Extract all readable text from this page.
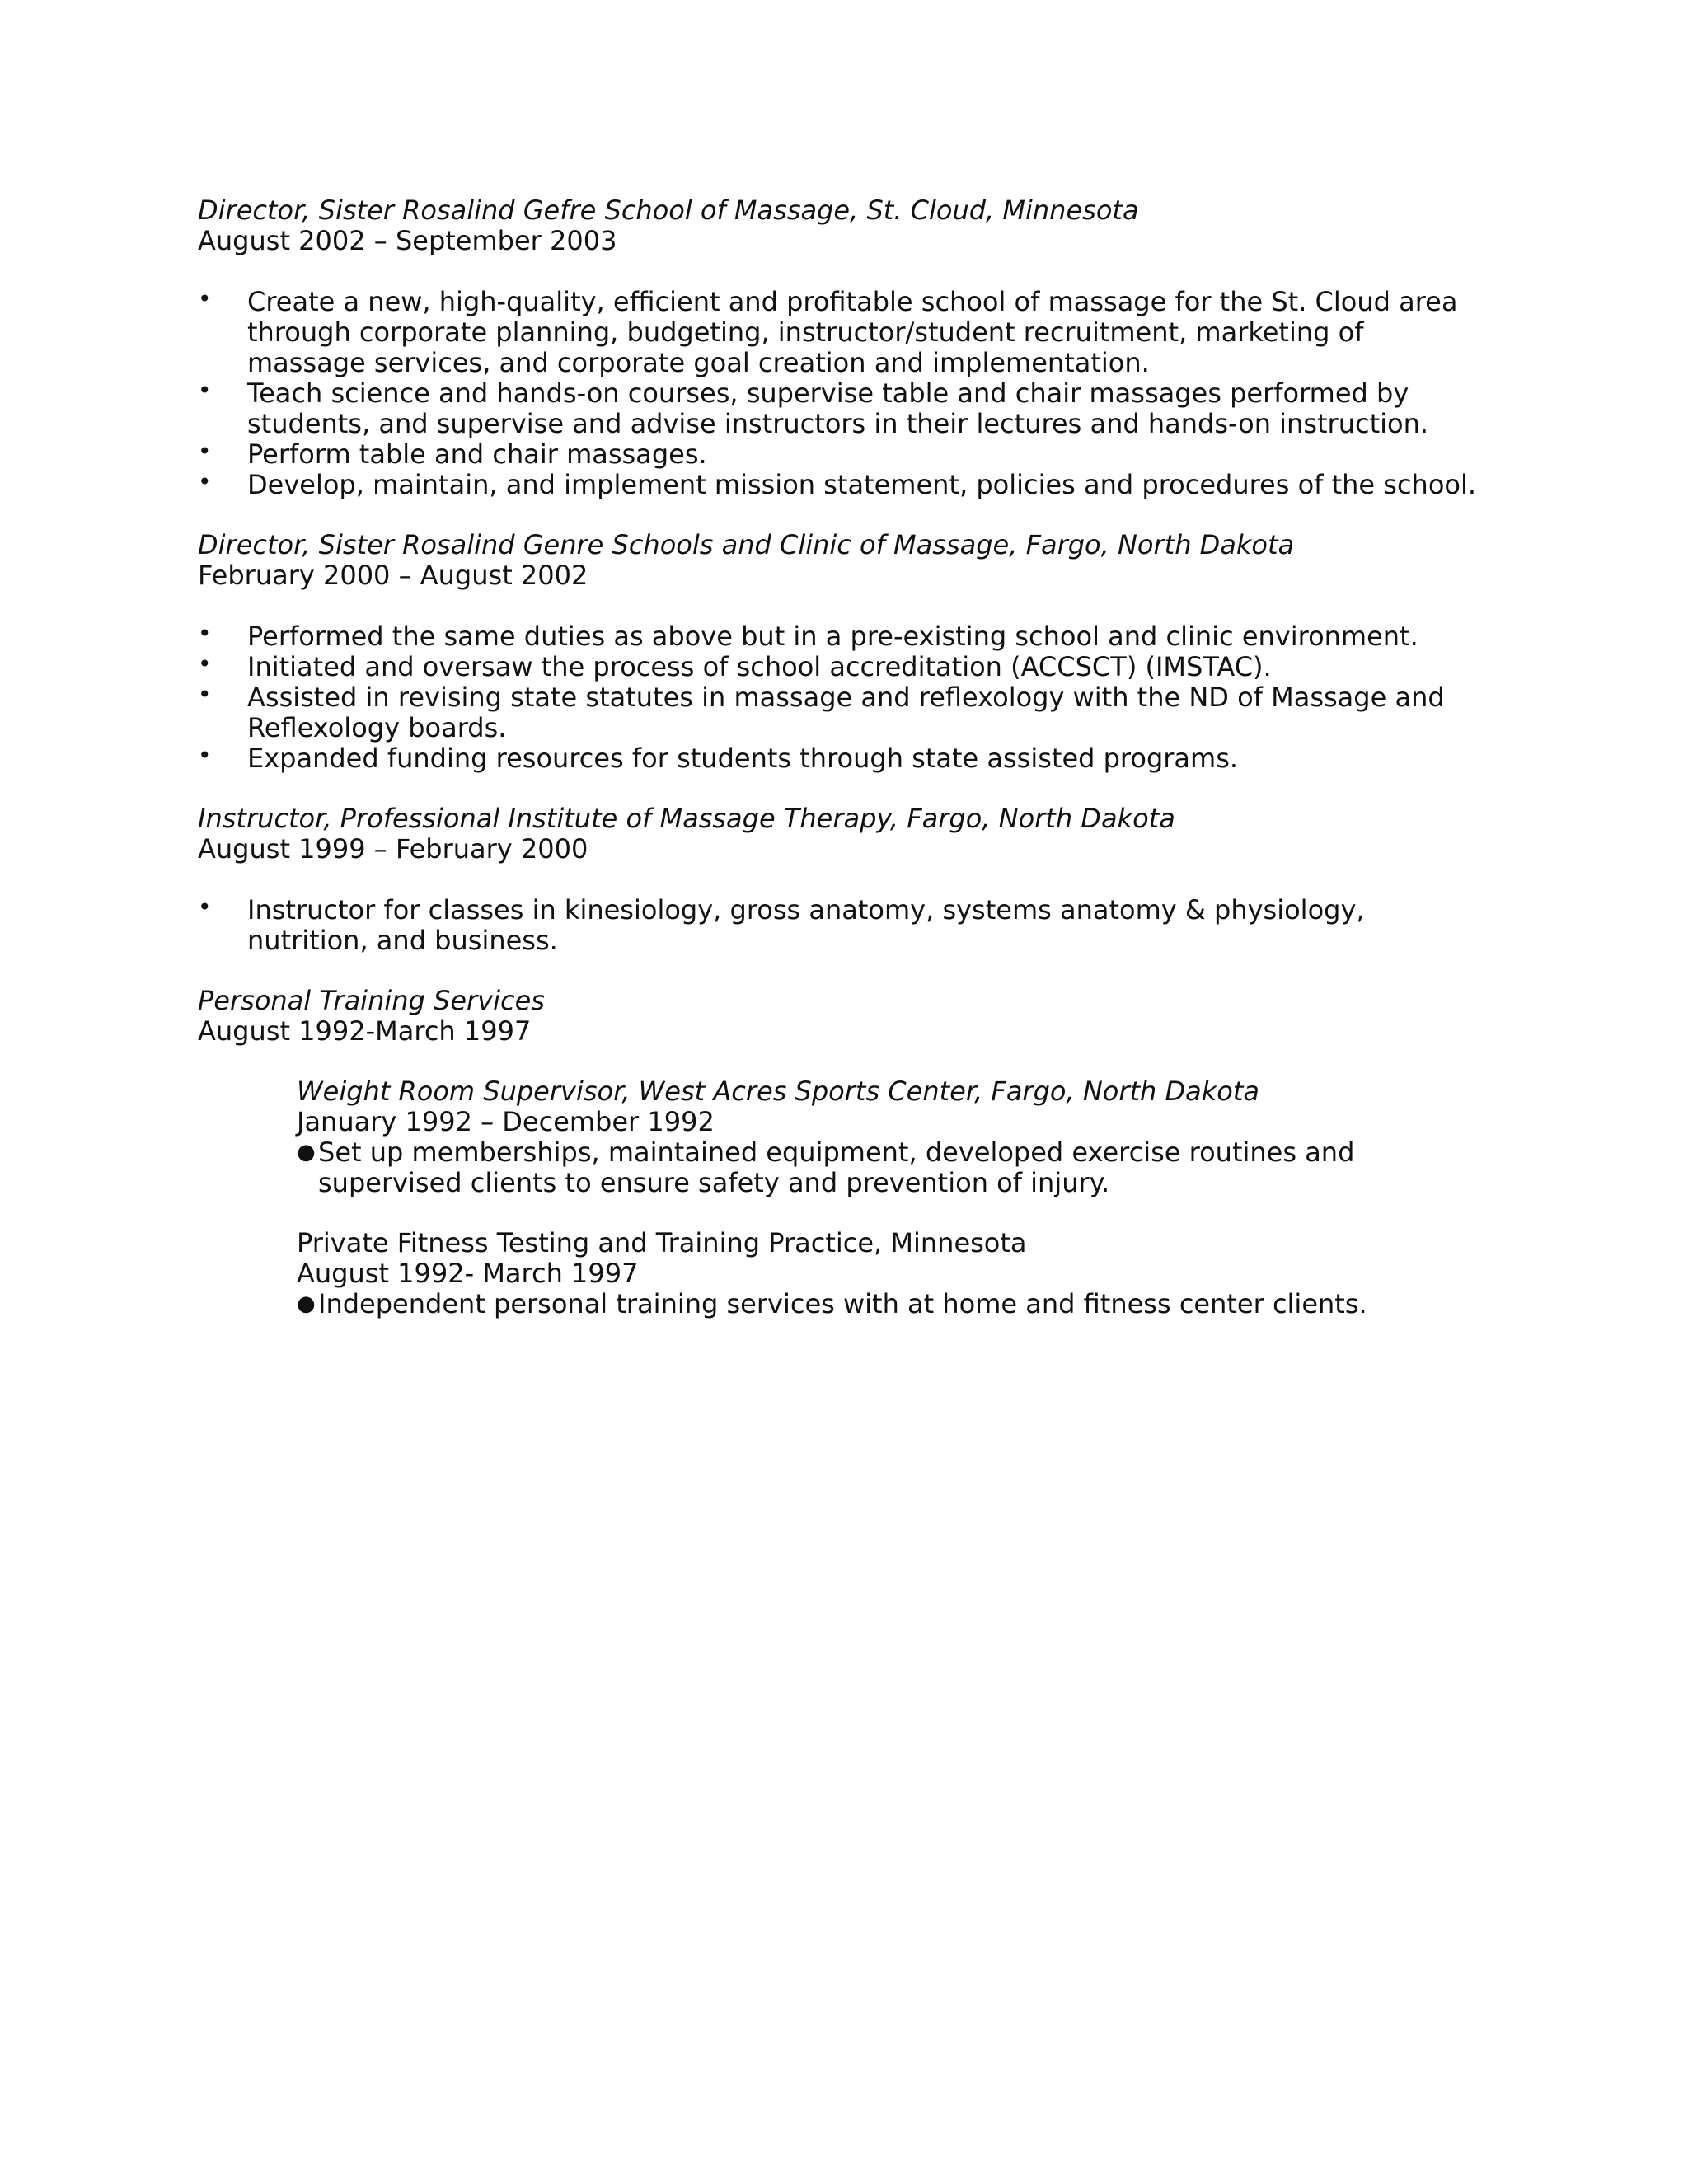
Director, Sister Rosalind Gefre School of Massage, St. Cloud, Minnesota

August 2002 – September 2003

• Create a new, high-quality, efficient and profitable school of massage for the St. Cloud area through corporate planning, budgeting, instructor/student recruitment, marketing of massage services, and corporate goal creation and implementation.
• Teach science and hands-on courses, supervise table and chair massages performed by students, and supervise and advise instructors in their lectures and hands-on instruction.
• Perform table and chair massages.
• Develop, maintain, and implement mission statement, policies and procedures of the school.

Director, Sister Rosalind Genre Schools and Clinic of Massage, Fargo, North Dakota

February 2000 – August 2002

• Performed the same duties as above but in a pre-existing school and clinic environment.
• Initiated and oversaw the process of school accreditation (ACCSCT) (IMSTAC).
• Assisted in revising state statutes in massage and reflexology with the ND of Massage and Reflexology boards.
• Expanded funding resources for students through state assisted programs.

Instructor, Professional Institute of Massage Therapy, Fargo, North Dakota

August 1999 – February 2000

• Instructor for classes in kinesiology, gross anatomy, systems anatomy & physiology, nutrition, and business.

Personal Training Services

August 1992-March 1997

Weight Room Supervisor, West Acres Sports Center, Fargo, North Dakota

January 1992 – December 1992

● Set up memberships, maintained equipment, developed exercise routines and supervised clients to ensure safety and prevention of injury.

Private Fitness Testing and Training Practice, Minnesota

August 1992- March 1997

● Independent personal training services with at home and fitness center clients.
